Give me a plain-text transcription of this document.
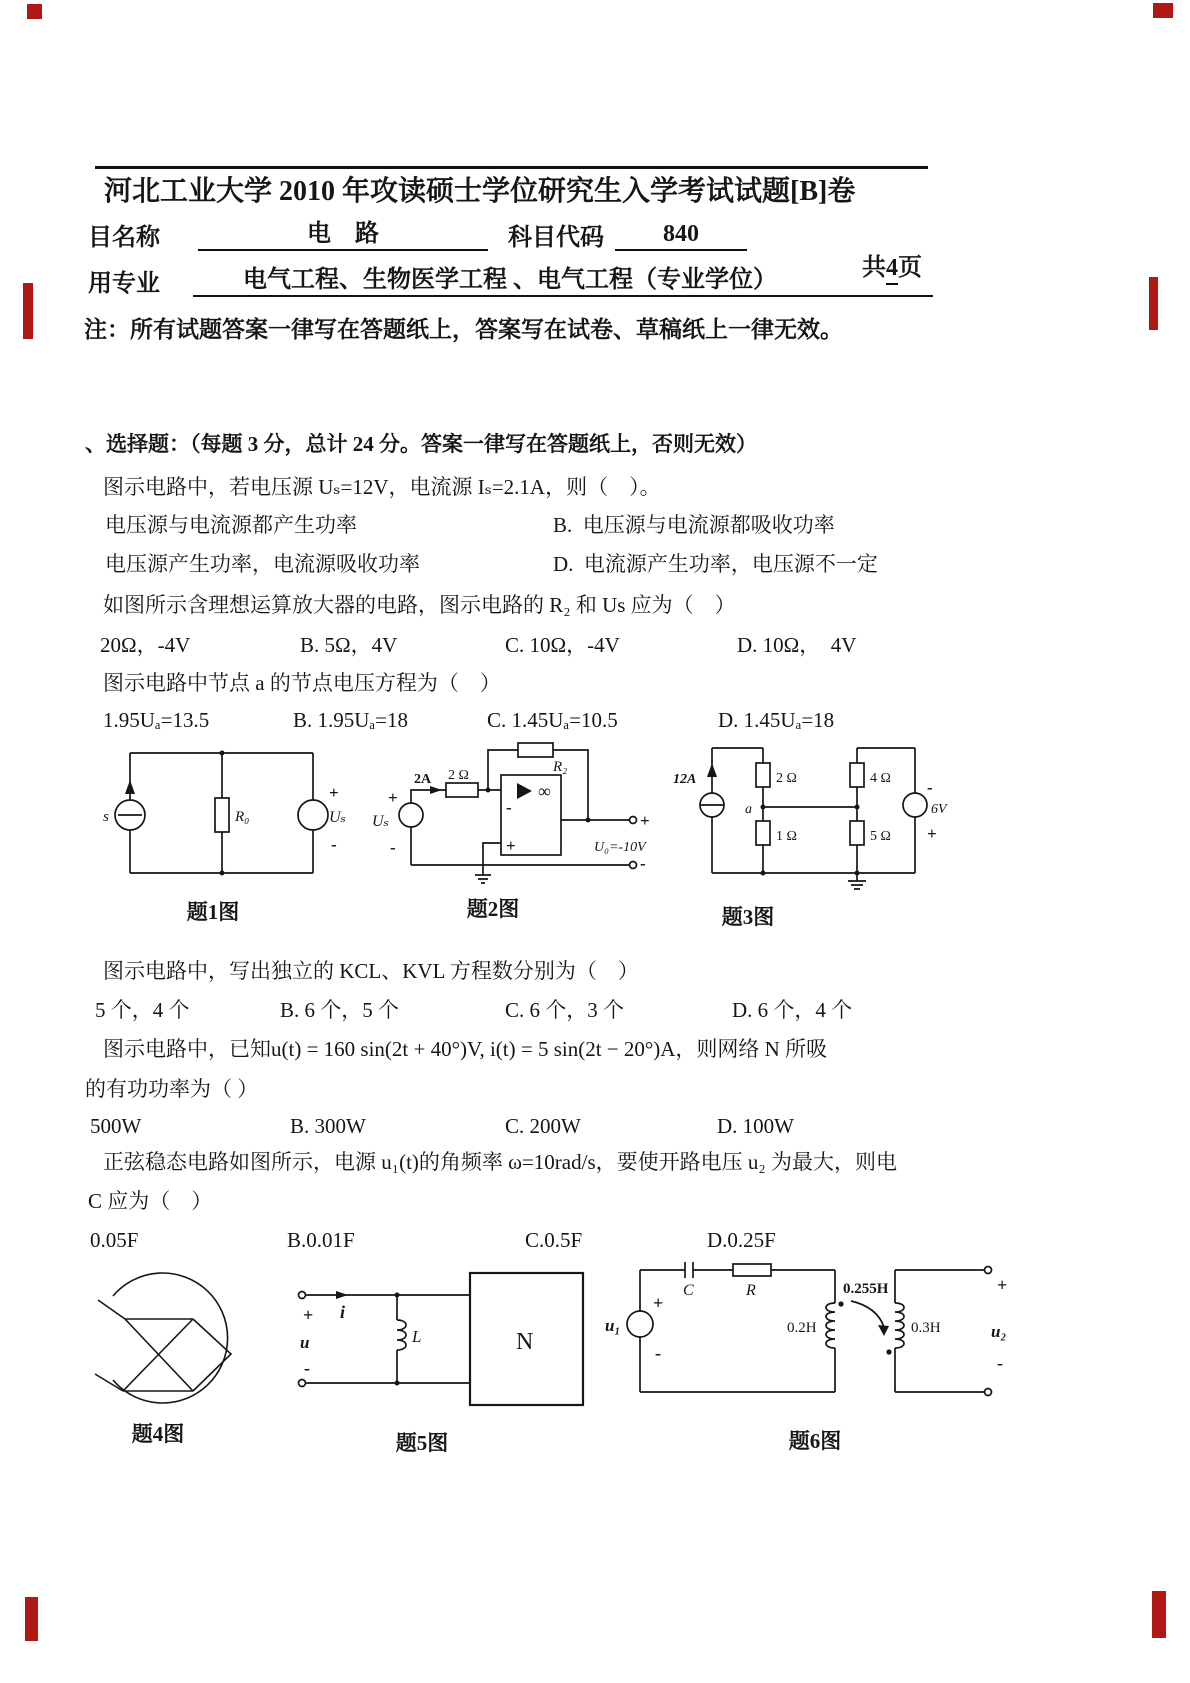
河北工业大学 2010 年攻读硕士学位研究生入学考试试题[B]卷
目名称	电    路	科目代码	840

共4页

用专业	电气工程、生物医学工程 、电气工程（专业学位）
注：所有试题答案一律写在答题纸上，答案写在试卷、草稿纸上一律无效。
、选择题：（每题 3 分，总计 24 分。答案一律写在答题纸上，否则无效）
图示电路中，若电压源 Uₛ=12V，电流源 Iₛ=2.1A，则（    ）。
电压源与电流源都产生功率	B.  电压源与电流源都吸收功率
电压源产生功率，电流源吸收功率	D.  电流源产生功率，电压源不一定
如图所示含理想运算放大器的电路，图示电路的 R₂ 和 Us 应为（    ）
20Ω，-4V	B. 5Ω，4V	C. 10Ω，-4V	D. 10Ω，  4V
图示电路中节点 a 的节点电压方程为（    ）
1.95Uₐ=13.5	B. 1.95Uₐ=18	C. 1.45Uₐ=10.5	D. 1.45Uₐ=18
s	R₀
+
Uₛ
-
题1图
2A 2 Ω
R₂
∞
-
+
+
Uₛ
-
+
U₀=-10V
-
题2图
12A
a
2 Ω
1 Ω
4 Ω
5 Ω
-
6V
+
题3图
图示电路中，写出独立的 KCL、KVL 方程数分别为（    ）
5 个，4 个	B. 6 个，5 个	C. 6 个，3 个	D. 6 个，4 个
图示电路中，已知u(t) = 160 sin(2t + 40°)V, i(t) = 5 sin(2t − 20°)A，则网络 N 所吸
的有功功率为（ ）
500W	B. 300W	C. 200W	D. 100W
正弦稳态电路如图所示，电源 u₁(t)的角频率 ω=10rad/s，要使开路电压 u₂ 为最大，则电
C 应为（    ）
0.05F	B.0.01F	C.0.5F	D.0.25F
题4图
+
u
-
i
L	N
题5图
u₁
+
-
C	R	0.255H
0.2H	0.3H
+
u₂
-
题6图
